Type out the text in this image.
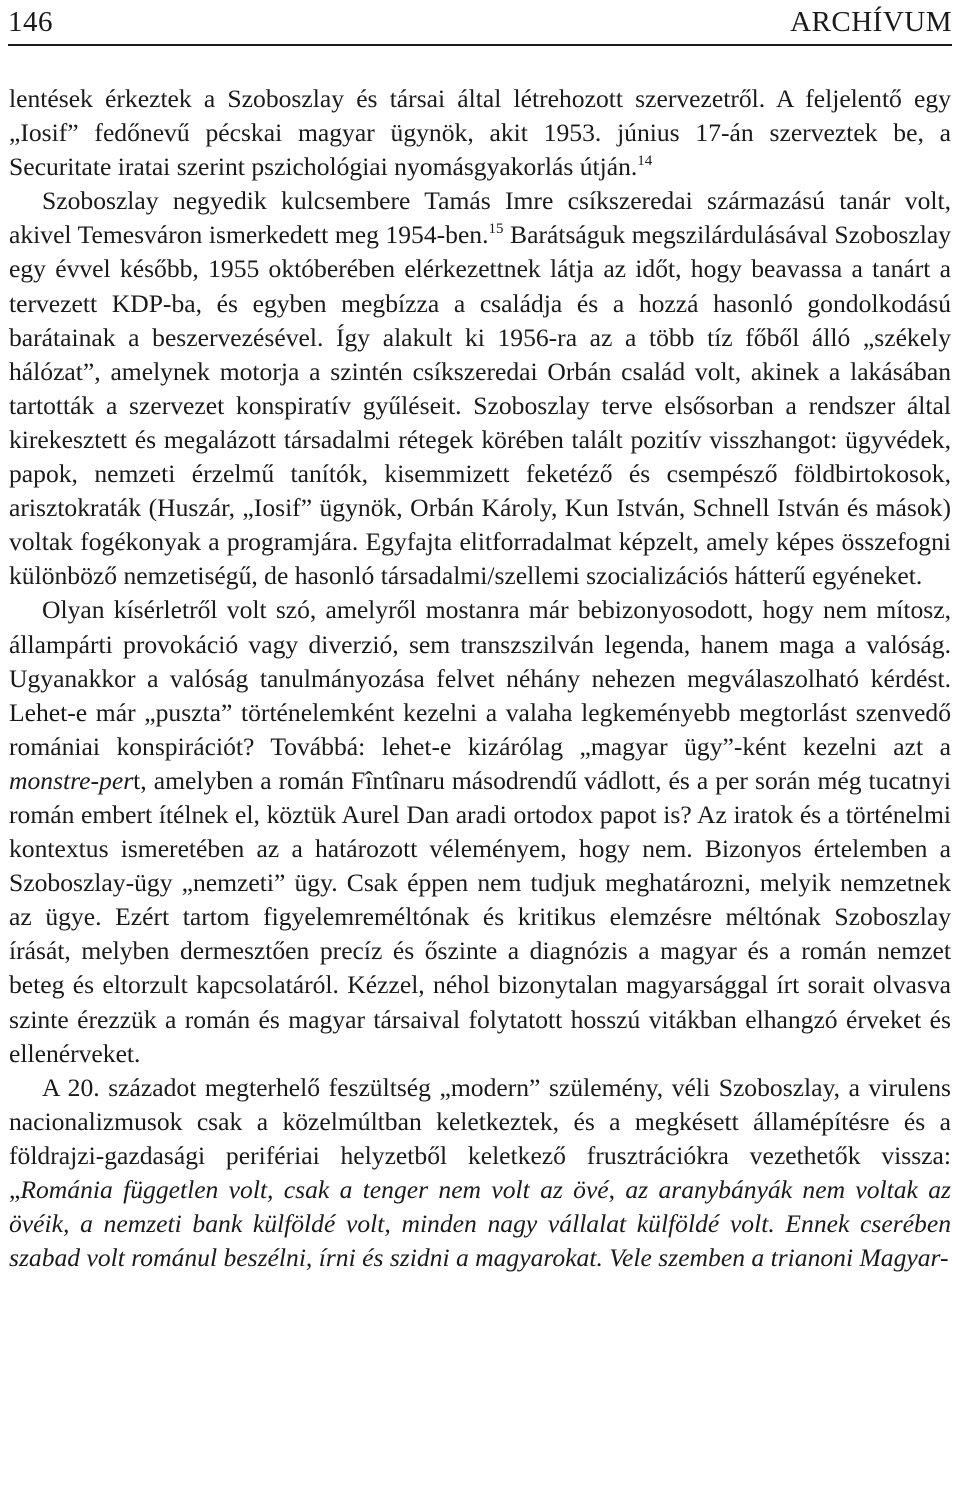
146	ARCHÍVUM

lentések érkeztek a Szoboszlay és társai által létrehozott szervezetről. A feljelentő egy „Iosif” fedőnevű pécskai magyar ügynök, akit 1953. június 17-án szerveztek be, a Securitate iratai szerint pszichológiai nyomásgyakorlás útján.$^{14}$

Szoboszlay negyedik kulcsembere Tamás Imre csíkszeredai származású tanár volt, akivel Temesváron ismerkedett meg 1954-ben.$^{15}$ Barátságuk megszilárdulásával Szoboszlay egy évvel később, 1955 októberében elérkezettnek látja az időt, hogy beavassa a tanárt a tervezett KDP-ba, és egyben megbízza a családja és a hozzá hasonló gondolkodású barátainak a beszervezésével. Így alakult ki 1956-ra az a több tíz főből álló „székely hálózat”, amelynek motorja a szintén csíkszeredai Orbán család volt, akinek a lakásában tartották a szervezet konspiratív gyűléseit. Szoboszlay terve elsősorban a rendszer által kirekesztett és megalázott társadalmi rétegek körében talált pozitív visszhangot: ügyvédek, papok, nemzeti érzelmű tanítók, kisemmizett feketéző és csempésző földbirtokosok, arisztokraták (Huszár, „Iosif” ügynök, Orbán Károly, Kun István, Schnell István és mások) voltak fogékonyak a programjára. Egyfajta elitforradalmat képzelt, amely képes összefogni különböző nemzetiségű, de hasonló társadalmi/szellemi szocializációs hátterű egyéneket.

Olyan kísérletről volt szó, amelyről mostanra már bebizonyosodott, hogy nem mítosz, állampárti provokáció vagy diverzió, sem transzszilván legenda, hanem maga a valóság. Ugyanakkor a valóság tanulmányozása felvet néhány nehezen megválaszolható kérdést. Lehet-e már „puszta” történelemként kezelni a valaha legkeményebb megtorlást szenvedő romániai konspirációt? Továbbá: lehet-e kizárólag „magyar ügy”-ként kezelni azt a monstre-pert, amelyben a román Fîntînaru másodrendű vádlott, és a per során még tucatnyi román embert ítélnek el, köztük Aurel Dan aradi ortodox papot is? Az iratok és a történelmi kontextus ismeretében az a határozott véleményem, hogy nem. Bizonyos értelemben a Szoboszlay-ügy „nemzeti” ügy. Csak éppen nem tudjuk meghatározni, melyik nemzetnek az ügye. Ezért tartom figyelemreméltónak és kritikus elemzésre méltónak Szoboszlay írását, melyben dermesztően precíz és őszinte a diagnózis a magyar és a román nemzet beteg és eltorzult kapcsolatáról. Kézzel, néhol bizonytalan magyarsággal írt sorait olvasva szinte érezzük a román és magyar társaival folytatott hosszú vitákban elhangzó érveket és ellenérveket.

A 20. századot megterhelő feszültség „modern” szülemény, véli Szoboszlay, a virulens nacionalizmusok csak a közelmúltban keletkeztek, és a megkésett államépítésre és a földrajzi-gazdasági perifériai helyzetből keletkező frusztrációkra vezethetők vissza: „Románia független volt, csak a tenger nem volt az övé, az aranybányák nem voltak az övéik, a nemzeti bank külföldé volt, minden nagy vállalat külföldé volt. Ennek cserében szabad volt románul beszélni, írni és szidni a magyarokat. Vele szemben a trianoni Magyar-
